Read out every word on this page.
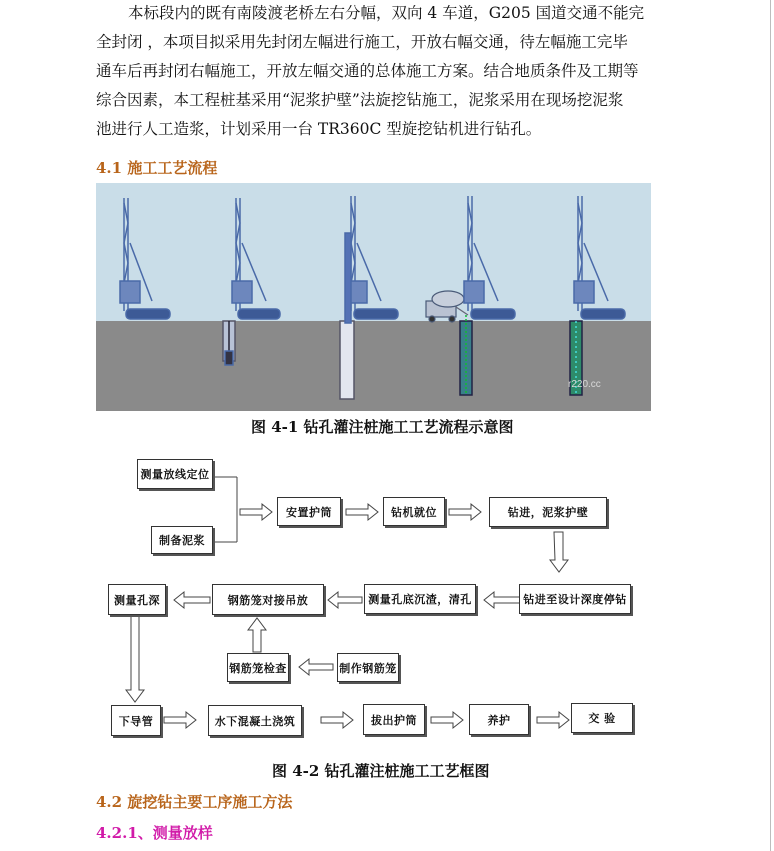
本标段内的既有南陵渡老桥左右分幅，双向 4 车道，G205 国道交通不能完

全封闭 ，本项目拟采用先封闭左幅进行施工，开放右幅交通，待左幅施工完毕

通车后再封闭右幅施工，开放左幅交通的总体施工方案。结合地质条件及工期等

综合因素，本工程桩基采用“泥浆护壁”法旋挖钻施工，泥浆采用在现场挖泥浆

池进行人工造浆，计划采用一台 TR360C 型旋挖钻机进行钻孔。

4.1 施工工艺流程
r220.cc
图 4-1 钻孔灌注桩施工工艺流程示意图
测量放线定位
制备泥浆
安置护筒	钻机就位	钻进，泥浆护壁
钻进至设计深度停钻
测量孔底沉渣，清孔
钢筋笼对接吊放
测量孔深
钢筋笼检查	制作钢筋笼
下导管	水下混凝土浇筑	拔出护筒	养护	交 验
图 4-2 钻孔灌注桩施工工艺框图
4.2 旋挖钻主要工序施工方法
4.2.1、测量放样
